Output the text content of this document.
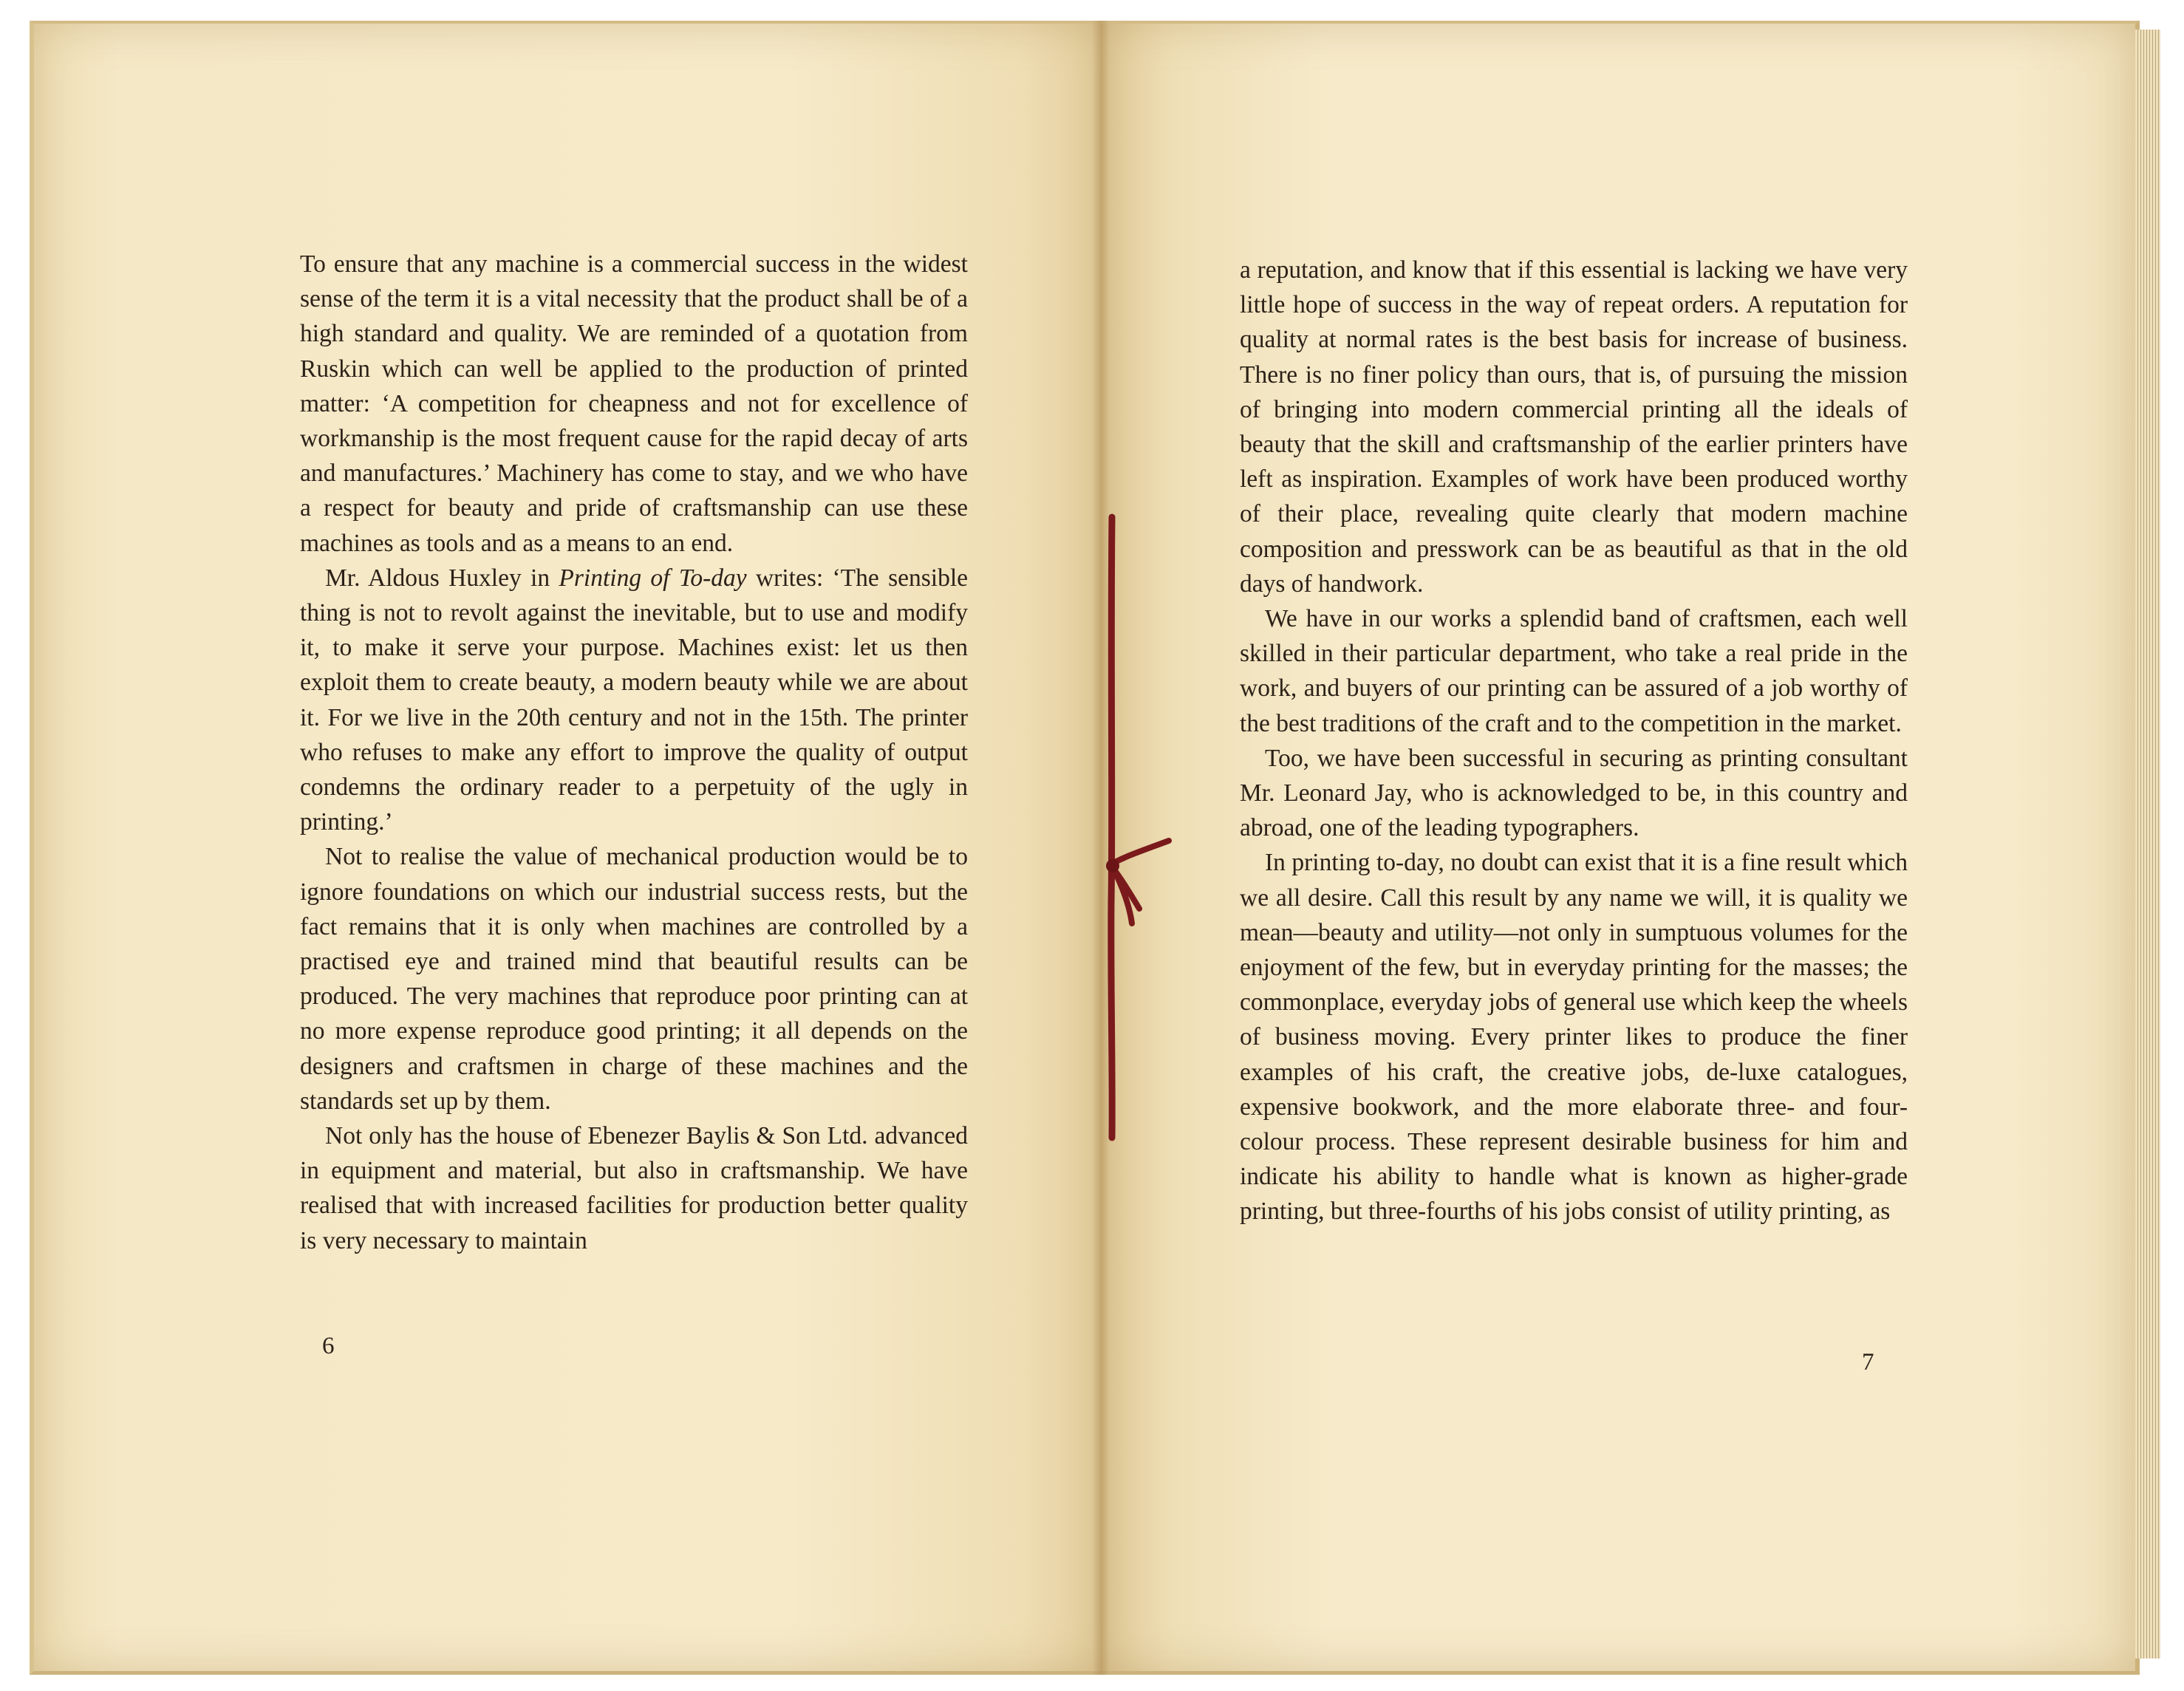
To ensure that any machine is a commercial success in the widest sense of the term it is a vital necessity that the product shall be of a high standard and quality. We are reminded of a quotation from Ruskin which can well be applied to the production of printed matter: ‘A competition for cheapness and not for excellence of workmanship is the most frequent cause for the rapid decay of arts and manufactures.’ Machinery has come to stay, and we who have a respect for beauty and pride of craftsmanship can use these machines as tools and as a means to an end.

Mr. Aldous Huxley in Printing of To-day writes: ‘The sensible thing is not to revolt against the inevitable, but to use and modify it, to make it serve your purpose. Machines exist: let us then exploit them to create beauty, a modern beauty while we are about it. For we live in the 20th century and not in the 15th. The printer who refuses to make any effort to improve the quality of output condemns the ordinary reader to a perpetuity of the ugly in printing.’

Not to realise the value of mechanical production would be to ignore foundations on which our industrial success rests, but the fact remains that it is only when machines are controlled by a practised eye and trained mind that beautiful results can be produced. The very machines that reproduce poor printing can at no more expense reproduce good printing; it all depends on the designers and craftsmen in charge of these machines and the standards set up by them.

Not only has the house of Ebenezer Baylis & Son Ltd. advanced in equipment and material, but also in craftsmanship. We have realised that with increased facilities for production better quality is very necessary to maintain

6

a reputation, and know that if this essential is lacking we have very little hope of success in the way of repeat orders. A reputation for quality at normal rates is the best basis for increase of business. There is no finer policy than ours, that is, of pursuing the mission of bringing into modern commercial printing all the ideals of beauty that the skill and craftsmanship of the earlier printers have left as inspiration. Examples of work have been produced worthy of their place, revealing quite clearly that modern machine composition and presswork can be as beautiful as that in the old days of handwork.

We have in our works a splendid band of craftsmen, each well skilled in their particular department, who take a real pride in the work, and buyers of our printing can be assured of a job worthy of the best traditions of the craft and to the competition in the market.

Too, we have been successful in securing as printing consultant Mr. Leonard Jay, who is acknowledged to be, in this country and abroad, one of the leading typographers.

In printing to-day, no doubt can exist that it is a fine result which we all desire. Call this result by any name we will, it is quality we mean—beauty and utility—not only in sumptuous volumes for the enjoyment of the few, but in everyday printing for the masses; the commonplace, everyday jobs of general use which keep the wheels of business moving. Every printer likes to produce the finer examples of his craft, the creative jobs, de-luxe catalogues, expensive bookwork, and the more elaborate three- and four-colour process. These represent desirable business for him and indicate his ability to handle what is known as higher-grade printing, but three-fourths of his jobs consist of utility printing, as

7
